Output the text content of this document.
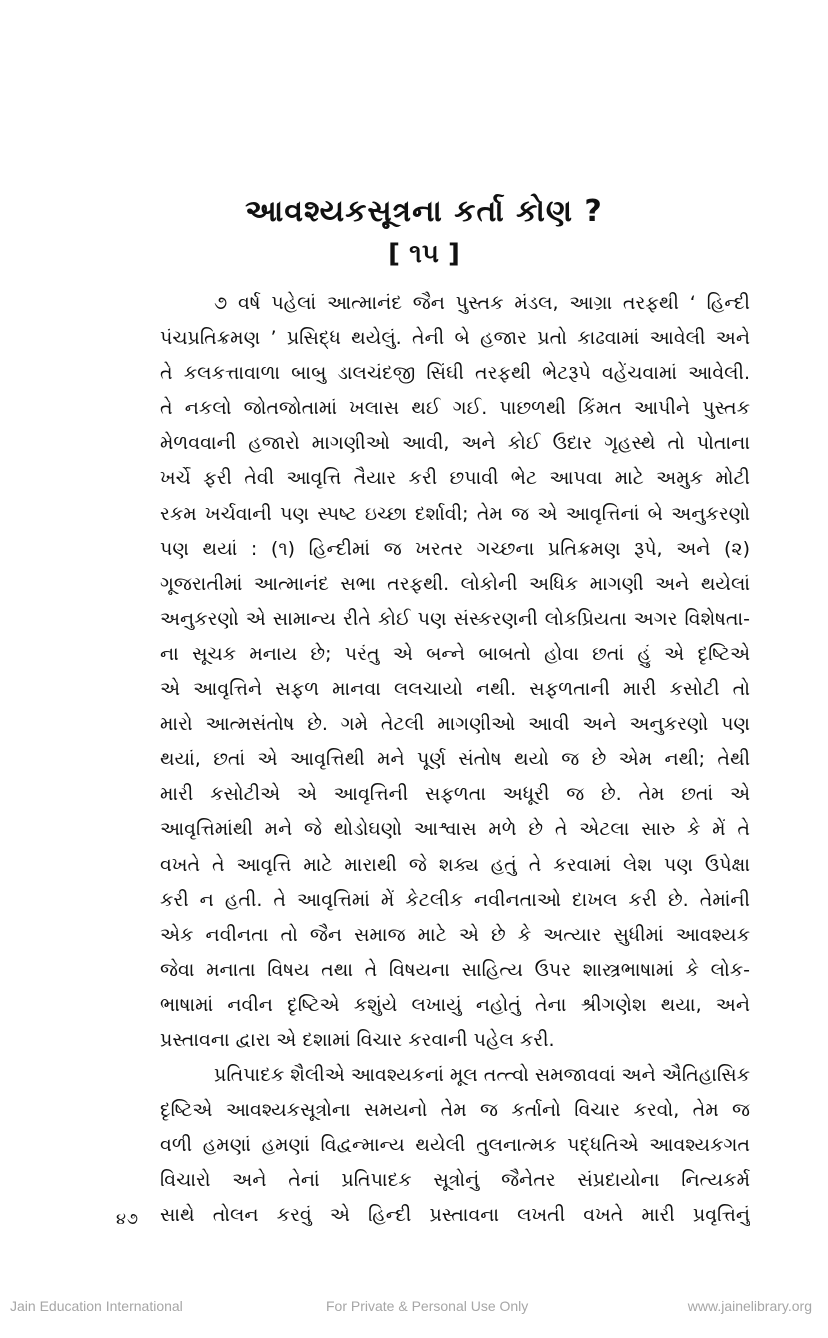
આવશ્યકસૂત્રના કર્તા કોણ ?
[ ૧૫ ]
૭ વર્ષ પહેલાં આત્માનંદ જૈન પુસ્તક મંડલ, આગ્રા તરફથી ‘ હિન્દી
પંચપ્રતિક્રમણ ’ પ્રસિદ્ધ થયેલું. તેની બે હજાર પ્રતો કાઢવામાં આવેલી અને
તે કલકત્તાવાળા બાબુ ડાલચંદજી સિંઘી તરફથી ભેટરૂપે વહેંચવામાં આવેલી.
તે નકલો જોતજોતામાં ખલાસ થઈ ગઈ. પાછળથી કિંમત આપીને પુસ્તક
મેળવવાની હજારો માગણીઓ આવી, અને કોઈ ઉદાર ગૃહસ્થે તો પોતાના
ખર્ચે ફરી તેવી આવૃત્તિ તૈયાર કરી છપાવી ભેટ આપવા માટે અમુક મોટી
રકમ ખર્ચવાની પણ સ્પષ્ટ ઇચ્છા દર્શાવી; તેમ જ એ આવૃત્તિનાં બે અનુકરણો
પણ થયાં : (૧) હિન્દીમાં જ ખરતર ગચ્છના પ્રતિક્રમણ રૂપે, અને (૨)
ગૂજરાતીમાં આત્માનંદ સભા તરફથી. લોકોની અધિક માગણી અને થયેલાં
અનુકરણો એ સામાન્ય રીતે કોઈ પણ સંસ્કરણની લોકપ્રિયતા અગર વિશેષતા-
ના સૂચક મનાય છે; પરંતુ એ બન્ને બાબતો હોવા છતાં હું એ દૃષ્ટિએ
એ આવૃત્તિને સફળ માનવા લલચાયો નથી. સફળતાની મારી કસોટી તો
મારો આત્મસંતોષ છે. ગમે તેટલી માગણીઓ આવી અને અનુકરણો પણ
થયાં, છતાં એ આવૃત્તિથી મને પૂર્ણ સંતોષ થયો જ છે એમ નથી; તેથી
મારી કસોટીએ એ આવૃત્તિની સફળતા અધૂરી જ છે. તેમ છતાં એ
આવૃત્તિમાંથી મને જે થોડોઘણો આશ્વાસ મળે છે તે એટલા સારુ કે મેં તે
વખતે તે આવૃત્તિ માટે મારાથી જે શક્ય હતું તે કરવામાં લેશ પણ ઉપેક્ષા
કરી ન હતી. તે આવૃત્તિમાં મેં કેટલીક નવીનતાઓ દાખલ કરી છે. તેમાંની
એક નવીનતા તો જૈન સમાજ માટે એ છે કે અત્યાર સુધીમાં આવશ્યક
જેવા મનાતા વિષય તથા તે વિષયના સાહિત્ય ઉપર શાસ્ત્રભાષામાં કે લોક-
ભાષામાં નવીન દૃષ્ટિએ કશુંયે લખાયું નહોતું તેના શ્રીગણેશ થયા, અને
પ્રસ્તાવના દ્વારા એ દશામાં વિચાર કરવાની પહેલ કરી.
પ્રતિપાદક શૈલીએ આવશ્યકનાં મૂલ તત્ત્વો સમજાવવાં અને ઐતિહાસિક
દૃષ્ટિએ આવશ્યકસૂત્રોના સમયનો તેમ જ કર્તાનો વિચાર કરવો, તેમ જ
વળી હમણાં હમણાં વિદ્વન્માન્ય થયેલી તુલનાત્મક પદ્ધતિએ આવશ્યકગત
વિચારો અને તેનાં પ્રતિપાદક સૂત્રોનું જૈનેતર સંપ્રદાયોના નિત્યકર્મ
સાથે તોલન કરવું એ હિન્દી પ્રસ્તાવના લખતી વખતે મારી પ્રવૃત્તિનું
૪૭
Jain Education International	For Private & Personal Use Only	www.jainelibrary.org
